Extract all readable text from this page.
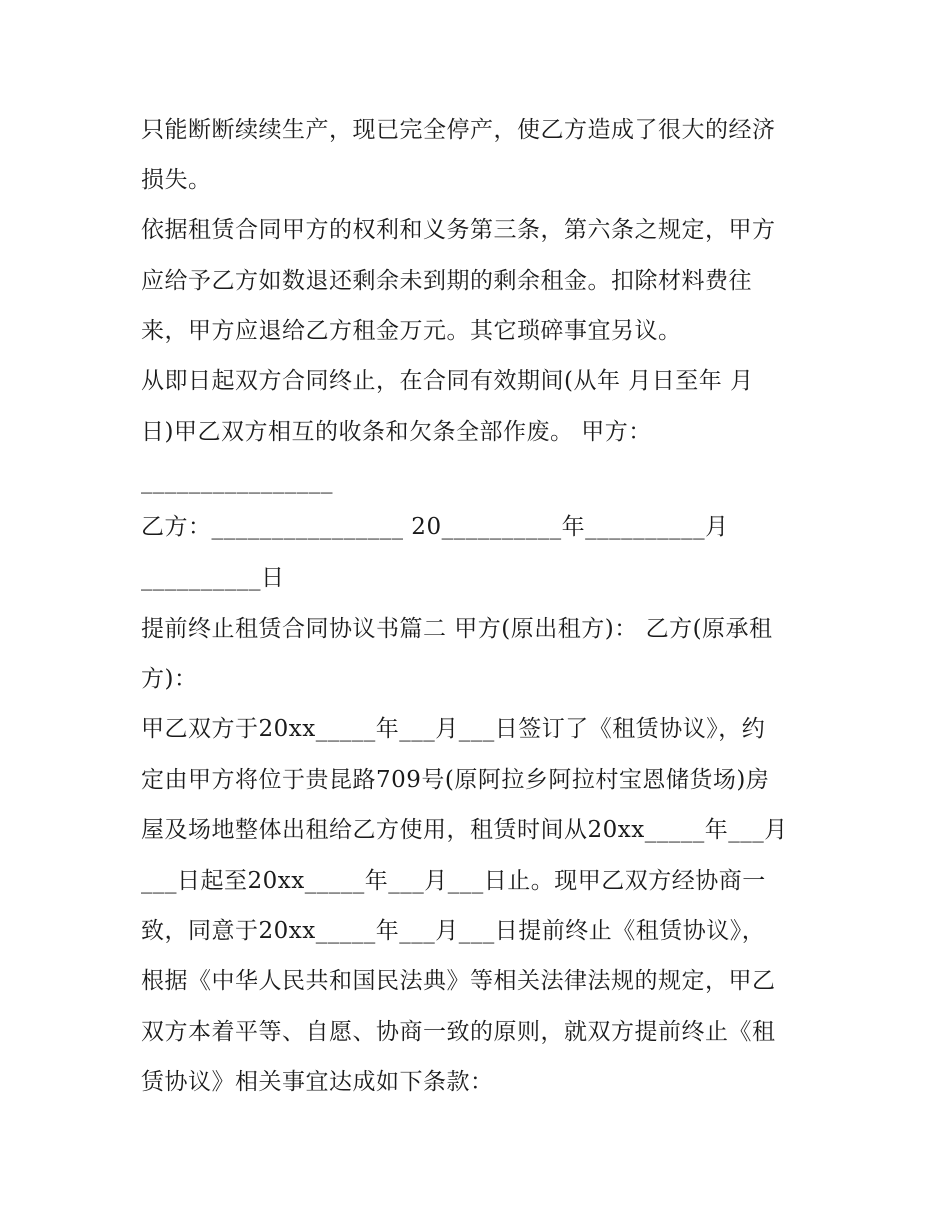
只能断断续续生产，现已完全停产，使乙方造成了很大的经济
损失。
依据租赁合同甲方的权利和义务第三条，第六条之规定，甲方
应给予乙方如数退还剩余未到期的剩余租金。扣除材料费往
来，甲方应退给乙方租金万元。其它琐碎事宜另议。
从即日起双方合同终止，在合同有效期间(从年 月日至年 月
日)甲乙双方相互的收条和欠条全部作废。 甲方：
________________
乙方：________________ 20__________年__________月
__________日
提前终止租赁合同协议书篇二 甲方(原出租方)： 乙方(原承租
方)：
甲乙双方于20xx_____年___月___日签订了《租赁协议》，约
定由甲方将位于贵昆路709号(原阿拉乡阿拉村宝恩储货场)房
屋及场地整体出租给乙方使用，租赁时间从20xx_____年___月
___日起至20xx_____年___月___日止。现甲乙双方经协商一
致，同意于20xx_____年___月___日提前终止《租赁协议》，
根据《中华人民共和国民法典》等相关法律法规的规定，甲乙
双方本着平等、自愿、协商一致的原则，就双方提前终止《租
赁协议》相关事宜达成如下条款：
